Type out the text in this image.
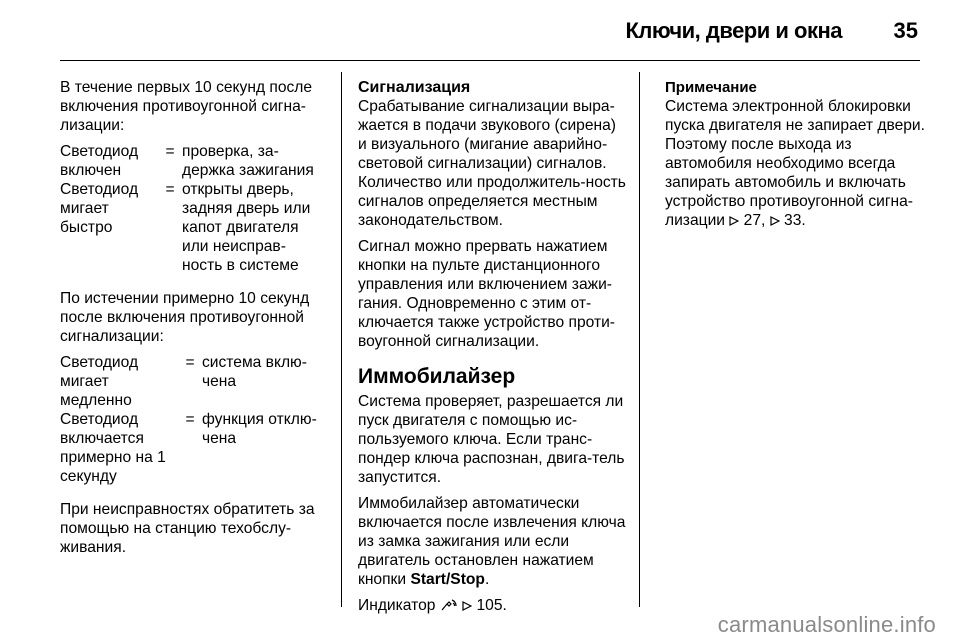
Ключи, двери и окна 35

В течение первых 10 секунд после включения противоугонной сигна-лизации:

Светодиод включен
= проверка, за-держка зажигания
Светодиод мигает быстро
= открыты дверь, задняя дверь или капот двигателя или неисправ-ность в системе

По истечении примерно 10 секунд после включения противоугонной сигнализации:

Светодиод мигает медленно
= система вклю-чена
Светодиод включается примерно на 1 секунду
= функция отклю-чена

При неисправностях обратитеть за помощью на станцию техобслу-живания.

Сигнализация

Срабатывание сигнализации выра-жается в подачи звукового (сирена) и визуального (мигание аварийно-световой сигнализации) сигналов. Количество или продолжитель-ность сигналов определяется местным законодательством.

Сигнал можно прервать нажатием кнопки на пульте дистанционного управления или включением зажи-гания. Одновременно с этим от-ключается также устройство проти-воугонной сигнализации.

Иммобилайзер

Система проверяет, разрешается ли пуск двигателя с помощью ис-пользуемого ключа. Если транс-пондер ключа распознан, двига-тель запустится.

Иммобилайзер автоматически включается после извлечения ключа из замка зажигания или если двигатель остановлен нажатием кнопки Start/Stop.

Индикатор	105.

Примечание

Система электронной блокировки пуска двигателя не запирает двери. Поэтому после выхода из автомобиля необходимо всегда запирать автомобиль и включать устройство противоугонной сигна-лизации 27, 33.

carmanualsonline.info
